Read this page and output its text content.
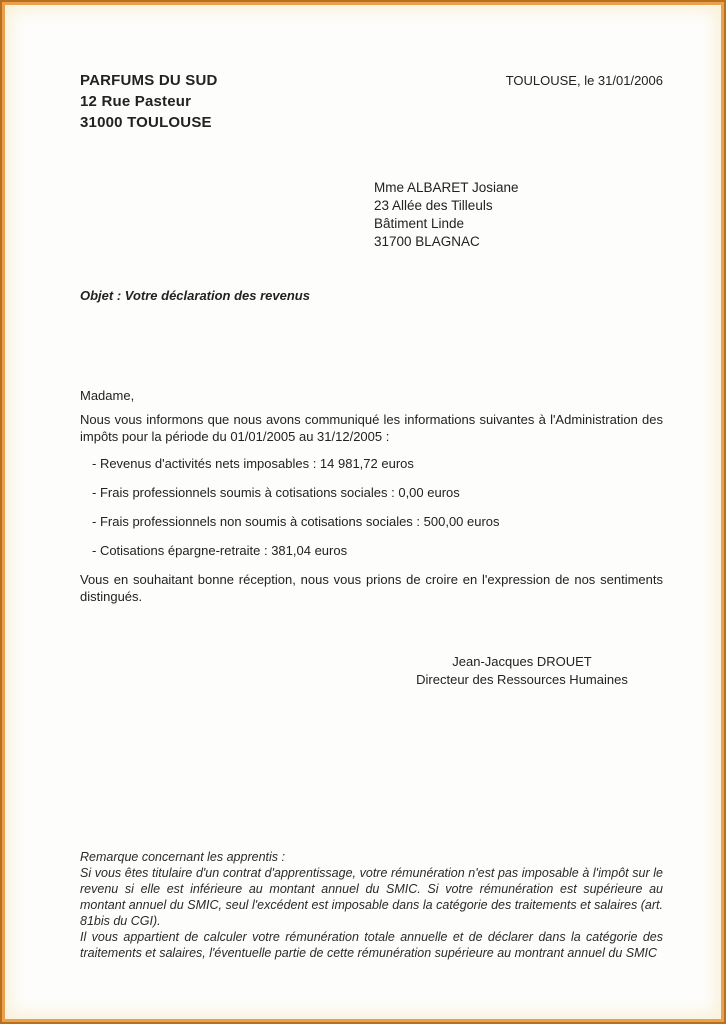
PARFUMS DU SUD
12 Rue Pasteur
31000 TOULOUSE
TOULOUSE, le 31/01/2006
Mme ALBARET Josiane
23 Allée des Tilleuls
Bâtiment Linde
31700 BLAGNAC
Objet : Votre déclaration des revenus
Madame,
Nous vous informons que nous avons communiqué les informations suivantes à l'Administration des impôts pour la période du 01/01/2005 au 31/12/2005 :
- Revenus d'activités nets imposables : 14 981,72 euros
- Frais professionnels soumis à cotisations sociales : 0,00 euros
- Frais professionnels non soumis à cotisations sociales : 500,00 euros
- Cotisations épargne-retraite : 381,04 euros
Vous en souhaitant bonne réception, nous vous prions de croire en l'expression de nos sentiments distingués.
Jean-Jacques DROUET
Directeur des Ressources Humaines
Remarque concernant les apprentis :
Si vous êtes titulaire d'un contrat d'apprentissage, votre rémunération n'est pas imposable à l'impôt sur le revenu si elle est inférieure au montant annuel du SMIC. Si votre rémunération est supérieure au montant annuel du SMIC, seul l'excédent est imposable dans la catégorie des traitements et salaires (art. 81bis du CGI).
Il vous appartient de calculer votre rémunération totale annuelle et de déclarer dans la catégorie des traitements et salaires, l'éventuelle partie de cette rémunération supérieure au montrant annuel du SMIC
